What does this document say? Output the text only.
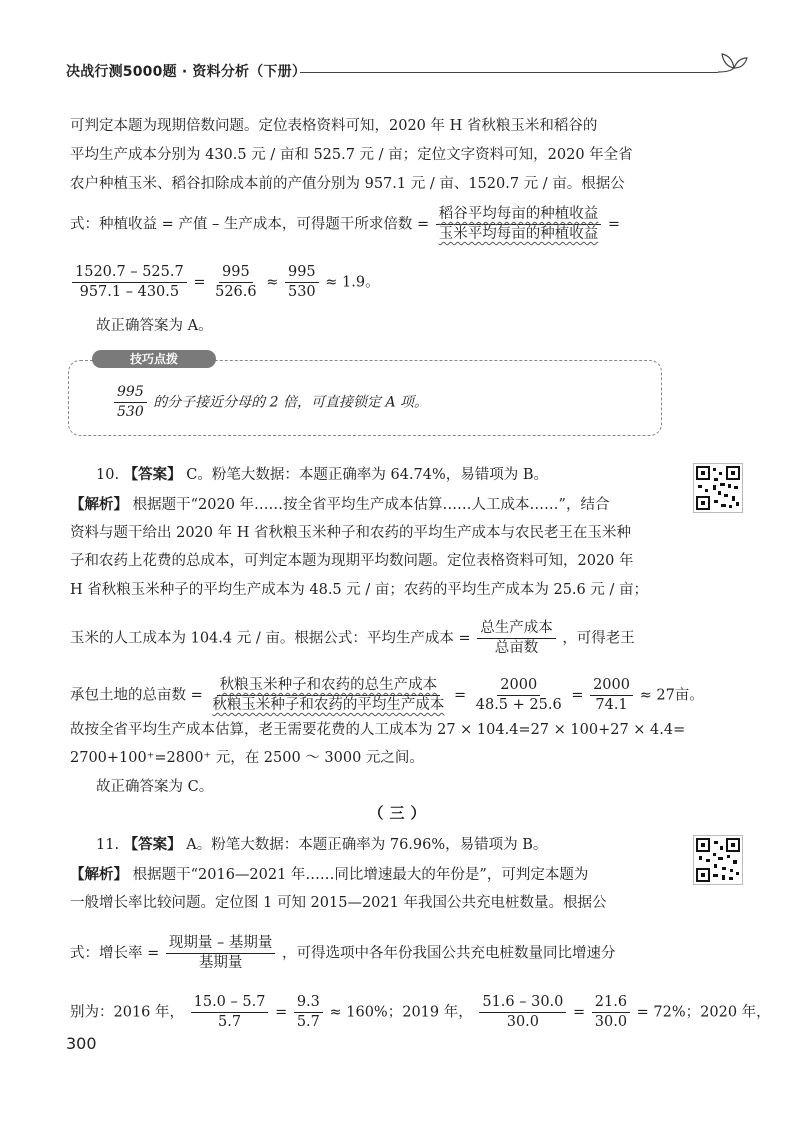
决战行测5000题 · 资料分析（下册）
可判定本题为现期倍数问题。定位表格资料可知，2020 年 H 省秋粮玉米和稻谷的
平均生产成本分别为 430.5 元 / 亩和 525.7 元 / 亩；定位文字资料可知，2020 年全省
农户种植玉米、稻谷扣除成本前的产值分别为 957.1 元 / 亩、1520.7 元 / 亩。根据公
式：种植收益 = 产值 – 生产成本，可得题干所求倍数 = $\frac{\text{稻谷平均每亩的种植收益}}{\text{玉米平均每亩的种植收益}}$ =
$\frac{1520.7 - 525.7}{957.1 - 430.5} = \frac{995}{526.6} \approx \frac{995}{530} \approx 1.9$。
故正确答案为 A。
技巧点拨
$\frac{995}{530}$ 的分子接近分母的 2 倍，可直接锁定 A 项。
10. 【答案】 C。粉笔大数据：本题正确率为 64.74%，易错项为 B。
【解析】 根据题干“2020 年……按全省平均生产成本估算……人工成本……”，结合
资料与题干给出 2020 年 H 省秋粮玉米种子和农药的平均生产成本与农民老王在玉米种
子和农药上花费的总成本，可判定本题为现期平均数问题。定位表格资料可知，2020 年
H 省秋粮玉米种子的平均生产成本为 48.5 元 / 亩；农药的平均生产成本为 25.6 元 / 亩；
玉米的人工成本为 104.4 元 / 亩。根据公式：平均生产成本 = $\frac{\text{总生产成本}}{\text{总亩数}}$ ，可得老王
承包土地的总亩数 = $\frac{\text{秋粮玉米种子和农药的总生产成本}}{\text{秋粮玉米种子和农药的平均生产成本}} = \frac{2000}{48.5 + 25.6} = \frac{2000}{74.1} \approx 27$亩。
故按全省平均生产成本估算，老王需要花费的人工成本为 27 × 104.4=27 × 100+27 × 4.4=
2700+100⁺=2800⁺ 元，在 2500 ～ 3000 元之间。
故正确答案为 C。
（三）
11. 【答案】 A。粉笔大数据：本题正确率为 76.96%，易错项为 B。
【解析】 根据题干“2016—2021 年……同比增速最大的年份是”，可判定本题为
一般增长率比较问题。定位图 1 可知 2015—2021 年我国公共充电桩数量。根据公
式：增长率 = $\frac{\text{现期量 – 基期量}}{\text{基期量}}$ ，可得选项中各年份我国公共充电桩数量同比增速分
别为：2016 年， $\frac{15.0 - 5.7}{5.7} = \frac{9.3}{5.7} \approx 160\%$；2019 年， $\frac{51.6 - 30.0}{30.0} = \frac{21.6}{30.0} = 72\%$；2020 年，
300
